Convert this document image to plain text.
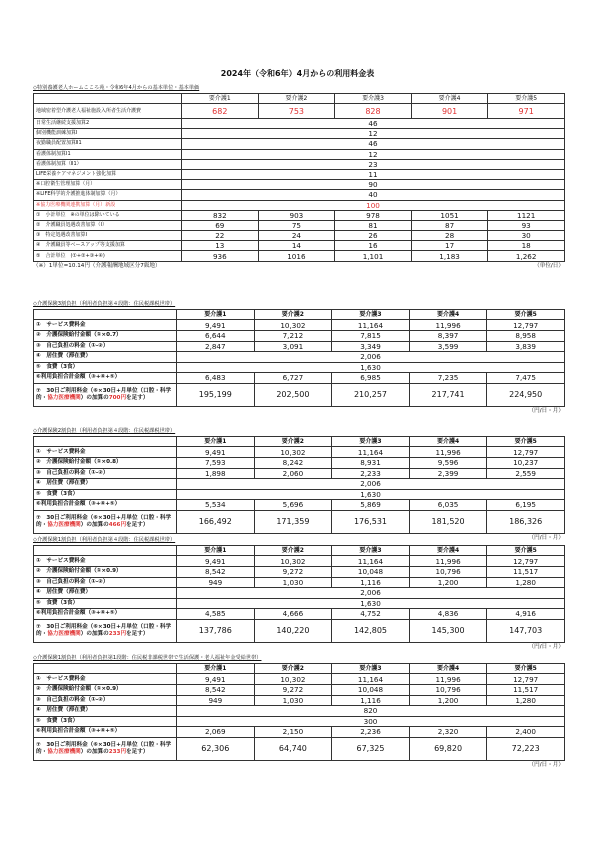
2024年（令和6年）4月からの利用料金表
◇特別養護老人ホームこころ苑・令和6年4月からの基本単位・基本単価
	要介護1	要介護2	要介護3	要介護4	要介護5
地域密着型介護老人福祉施設入所者生活介護費	682	753	828	901	971
日常生活継続支援加算2	46				
個別機能訓練加算Ⅰ	12				
夜勤職員配置加算Ⅱ1	46				
看護体制加算Ⅰ1	12				
看護体制加算（Ⅱ1）	23				
LIFE栄養ケアマネジメント強化加算	11				
※口腔衛生管理加算（月）	90				
※LIFE科学的介護推進体制加算（月）	40				
※協力医療機関連携加算（月）新設	100				
①　小計単位　※の単位は除いている	832	903	978	1051	1121
②　介護職員処遇改善加算（Ⅰ）	69	75	81	87	93
③　特定処遇改善加算Ⅰ	22	24	26	28	30
④　介護職員等ベースアップ等支援加算	13	14	16	17	18
⑤　合計単位　(①+②+③+④)	936	1016	1,101	1,183	1,262
（※）1単位=10.14円（介護報酬地域区分7級地）	（単位/日）
◇介護保険3割負担（利用者負担第４段階：住民税課税世帯）
	要介護1	要介護2	要介護3	要介護4	要介護5
①　サービス費料金	9,491	10,302	11,164	11,996	12,797
②　介護保険給付金額（①×0.7）	6,644	7,212	7,815	8,397	8,958
③　自己負担の料金（①-②）	2,847	3,091	3,349	3,599	3,839
④　居住費（滞在費）	2,006				
⑤　食費（3食）	1,630				
⑥利用負担合計金額（③+④+⑤）	6,483	6,727	6,985	7,235	7,475
⑦　30日ご利用料金（⑥×30日+月単位（口腔・科学的・協力医療機関）の加算の700円を足す）	195,199	202,500	210,257	217,741	224,950
（円/日・月）
◇介護保険2割負担（利用者負担第４段階：住民税課税世帯）
	要介護1	要介護2	要介護3	要介護4	要介護5
①　サービス費料金	9,491	10,302	11,164	11,996	12,797
②　介護保険給付金額（①×0.8）	7,593	8,242	8,931	9,596	10,237
③　自己負担の料金（①-②）	1,898	2,060	2,233	2,399	2,559
④　居住費（滞在費）	2,006				
⑤　食費（3食）	1,630				
⑥利用負担合計金額（③+④+⑤）	5,534	5,696	5,869	6,035	6,195
⑦　30日ご利用料金（⑥×30日+月単位（口腔・科学的・協力医療機関）の加算の466円を足す）	166,492	171,359	176,531	181,520	186,326
（円/日・月）
◇介護保険1割負担（利用者負担第４段階：住民税課税世帯）
	要介護1	要介護2	要介護3	要介護4	要介護5
①　サービス費料金	9,491	10,302	11,164	11,996	12,797
②　介護保険給付金額（①×0.9）	8,542	9,272	10,048	10,796	11,517
③　自己負担の料金（①-②）	949	1,030	1,116	1,200	1,280
④　居住費（滞在費）	2,006				
⑤　食費（3食）	1,630				
⑥利用負担合計金額（③+④+⑤）	4,585	4,666	4,752	4,836	4,916
⑦　30日ご利用料金（⑥×30日+月単位（口腔・科学的・協力医療機関）の加算の233円を足す）	137,786	140,220	142,805	145,300	147,703
（円/日・月）
◇介護保険1割負担（利用者負担第1段階：住民税非課税世帯で生活保護・老人福祉年金受給世帯）
	要介護1	要介護2	要介護3	要介護4	要介護5
①　サービス費料金	9,491	10,302	11,164	11,996	12,797
②　介護保険給付金額（①×0.9）	8,542	9,272	10,048	10,796	11,517
③　自己負担の料金（①-②）	949	1,030	1,116	1,200	1,280
④　居住費（滞在費）	820				
⑤　食費（3食）	300				
⑥利用負担合計金額（③+④+⑤）	2,069	2,150	2,236	2,320	2,400
⑦　30日ご利用料金（⑥×30日+月単位（口腔・科学的・協力医療機関）の加算の233円を足す）	62,306	64,740	67,325	69,820	72,223
（円/日・月）
